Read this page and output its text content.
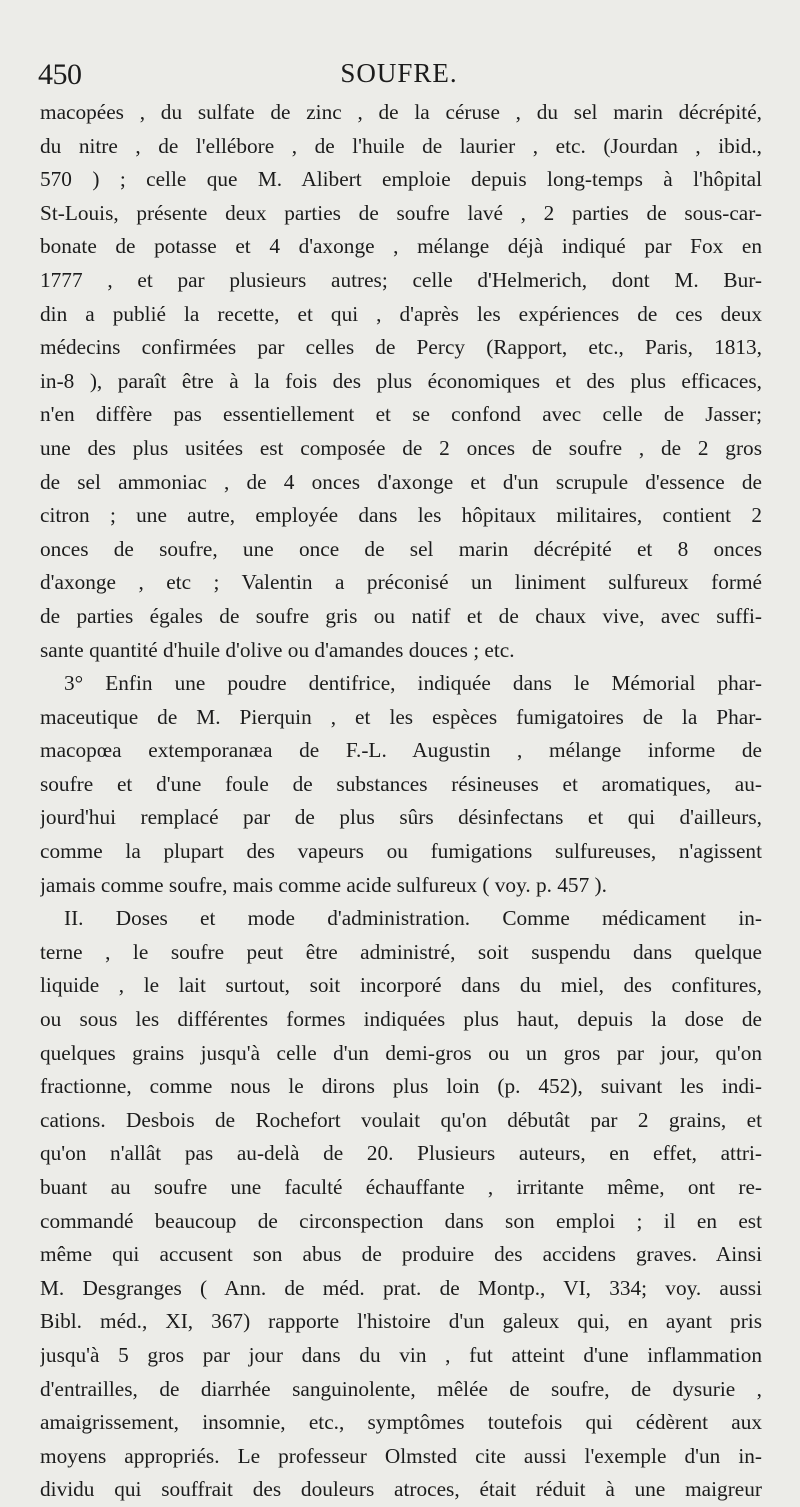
450	SOUFRE.
macopées , du sulfate de zinc , de la céruse , du sel marin décrépité,
du nitre , de l'ellébore , de l'huile de laurier , etc. (Jourdan , ibid.,
570 ) ; celle que M. Alibert emploie depuis long-temps à l'hôpital
St-Louis, présente deux parties de soufre lavé , 2 parties de sous-car-
bonate de potasse et 4 d'axonge , mélange déjà indiqué par Fox en
1777 , et par plusieurs autres; celle d'Helmerich, dont M. Bur-
din a publié la recette, et qui , d'après les expériences de ces deux
médecins confirmées par celles de Percy (Rapport, etc., Paris, 1813,
in-8 ), paraît être à la fois des plus économiques et des plus efficaces,
n'en diffère pas essentiellement et se confond avec celle de Jasser;
une des plus usitées est composée de 2 onces de soufre , de 2 gros
de sel ammoniac , de 4 onces d'axonge et d'un scrupule d'essence de
citron ; une autre, employée dans les hôpitaux militaires, contient 2
onces de soufre, une once de sel marin décrépité et 8 onces
d'axonge , etc ; Valentin a préconisé un liniment sulfureux formé
de parties égales de soufre gris ou natif et de chaux vive, avec suffi-
sante quantité d'huile d'olive ou d'amandes douces ; etc.
3° Enfin une poudre dentifrice, indiquée dans le Mémorial phar-
maceutique de M. Pierquin , et les espèces fumigatoires de la Phar-
macopœa extemporanæa de F.-L. Augustin , mélange informe de
soufre et d'une foule de substances résineuses et aromatiques, au-
jourd'hui remplacé par de plus sûrs désinfectans et qui d'ailleurs,
comme la plupart des vapeurs ou fumigations sulfureuses, n'agissent
jamais comme soufre, mais comme acide sulfureux ( voy. p. 457 ).
II. Doses et mode d'administration. Comme médicament in-
terne , le soufre peut être administré, soit suspendu dans quelque
liquide , le lait surtout, soit incorporé dans du miel, des confitures,
ou sous les différentes formes indiquées plus haut, depuis la dose de
quelques grains jusqu'à celle d'un demi-gros ou un gros par jour, qu'on
fractionne, comme nous le dirons plus loin (p. 452), suivant les indi-
cations. Desbois de Rochefort voulait qu'on débutât par 2 grains, et
qu'on n'allât pas au-delà de 20. Plusieurs auteurs, en effet, attri-
buant au soufre une faculté échauffante , irritante même, ont re-
commandé beaucoup de circonspection dans son emploi ; il en est
même qui accusent son abus de produire des accidens graves. Ainsi
M. Desgranges ( Ann. de méd. prat. de Montp., VI, 334; voy. aussi
Bibl. méd., XI, 367) rapporte l'histoire d'un galeux qui, en ayant pris
jusqu'à 5 gros par jour dans du vin , fut atteint d'une inflammation
d'entrailles, de diarrhée sanguinolente, mêlée de soufre, de dysurie ,
amaigrissement, insomnie, etc., symptômes toutefois qui cédèrent aux
moyens appropriés. Le professeur Olmsted cite aussi l'exemple d'un in-
dividu qui souffrait des douleurs atroces, était réduit à une maigreur
